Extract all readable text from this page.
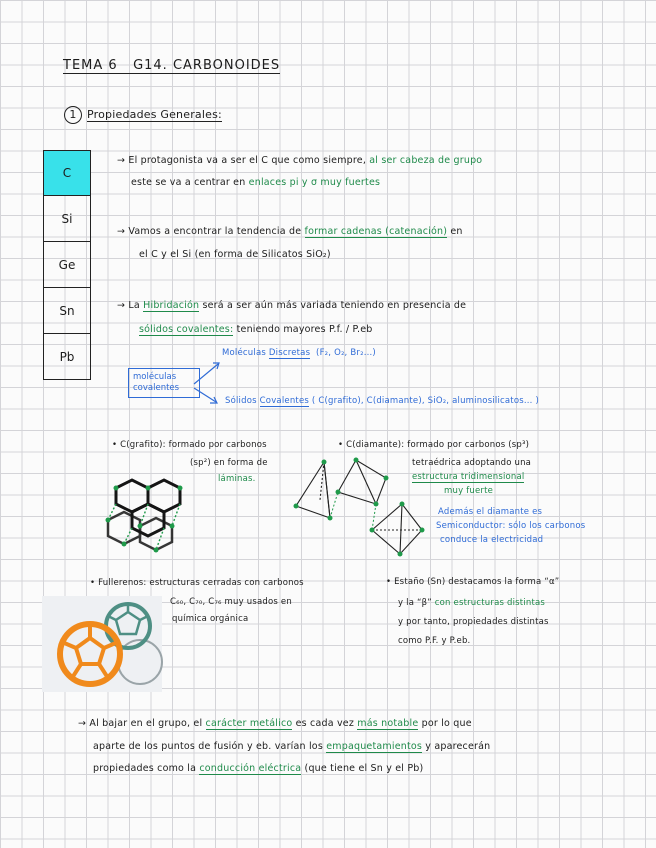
TEMA 6   G14. CARBONOIDES
1 Propiedades Generales:
C
Si
Ge
Sn
Pb
→ El protagonista va a ser el C que como siempre, al ser cabeza de grupo
este se va a centrar en enlaces pi y σ muy fuertes
→ Vamos a encontrar la tendencia de formar cadenas (catenación) en
el C y el Si (en forma de Silicatos SiO₂)
→ La Hibridación será a ser aún más variada teniendo en presencia de
sólidos covalentes: teniendo mayores P.f. / P.eb
moléculas
covalentes
Moléculas Discretas (F₂, O₂, Br₂...)
Sólidos Covalentes ( C(grafito), C(diamante), SiO₂, aluminosilicatos... )
• C(grafito): formado por carbonos
(sp²) en forma de
láminas.
• C(diamante): formado por carbonos (sp³)
tetraédrica adoptando una
estructura tridimensional
muy fuerte
Además el diamante es
Semiconductor: sólo los carbonos
conduce la electricidad
• Fullerenos: estructuras cerradas con carbonos
C₆₀, C₇₀, C₇₆ muy usados en
química orgánica
• Estaño (Sn) destacamos la forma “α”
y la “β” con estructuras distintas
y por tanto, propiedades distintas
como P.F. y P.eb.
→ Al bajar en el grupo, el carácter metálico es cada vez más notable por lo que
aparte de los puntos de fusión y eb. varían los empaquetamientos y aparecerán
propiedades como la conducción eléctrica (que tiene el Sn y el Pb)
